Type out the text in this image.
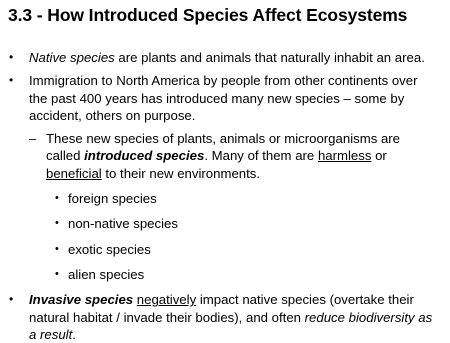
3.3 - How Introduced Species Affect Ecosystems
• Native species are plants and animals that naturally inhabit an area.
• Immigration to North America by people from other continents over the past 400 years has introduced many new species – some by accident, others on purpose.
– These new species of plants, animals or microorganisms are called introduced species. Many of them are harmless or beneficial to their new environments.
• foreign species
• non-native species
• exotic species
• alien species
• Invasive species negatively impact native species (overtake their natural habitat / invade their bodies), and often reduce biodiversity as a result.
